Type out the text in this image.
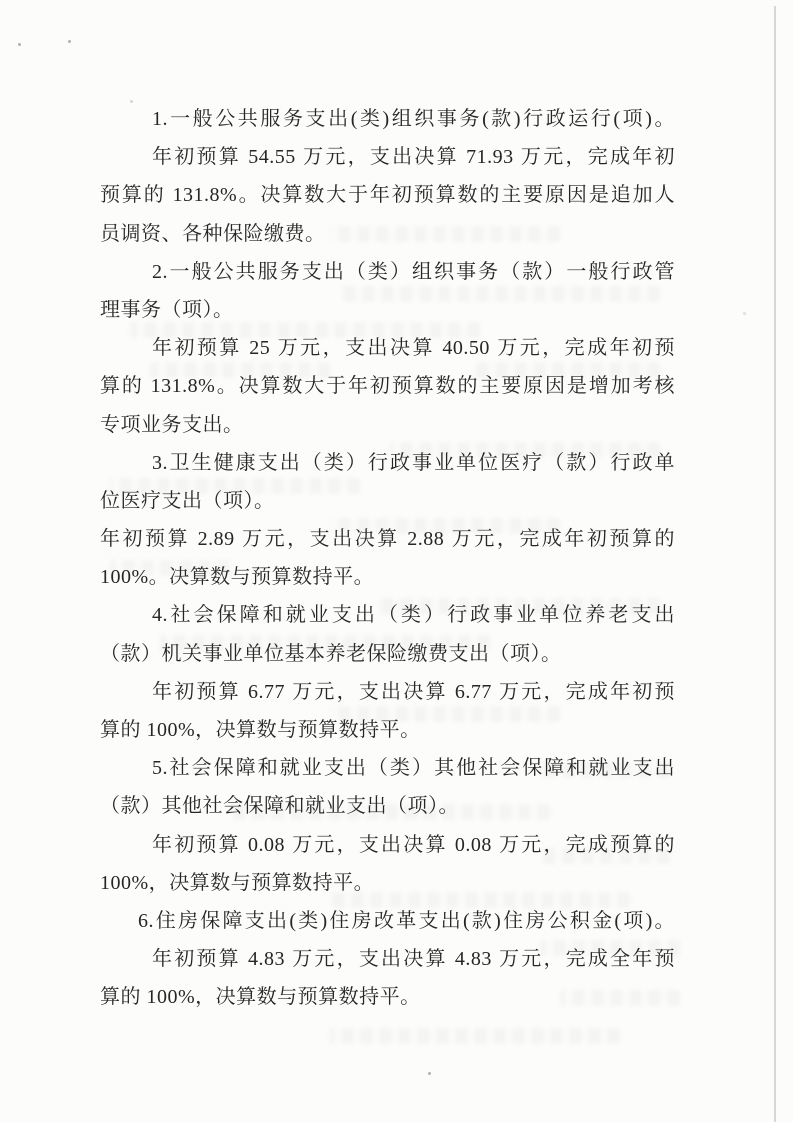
1.一般公共服务支出(类)组织事务(款)行政运行(项)。
年初预算 54.55 万元，支出决算 71.93 万元，完成年初
预算的 131.8%。决算数大于年初预算数的主要原因是追加人
员调资、各种保险缴费。
2.一般公共服务支出（类）组织事务（款）一般行政管
理事务（项）。
年初预算 25 万元，支出决算 40.50 万元，完成年初预
算的 131.8%。决算数大于年初预算数的主要原因是增加考核
专项业务支出。
3.卫生健康支出（类）行政事业单位医疗（款）行政单
位医疗支出（项）。
年初预算 2.89 万元，支出决算 2.88 万元，完成年初预算的
100%。决算数与预算数持平。
4.社会保障和就业支出（类）行政事业单位养老支出
（款）机关事业单位基本养老保险缴费支出（项）。
年初预算 6.77 万元，支出决算 6.77 万元，完成年初预
算的 100%，决算数与预算数持平。
5.社会保障和就业支出（类）其他社会保障和就业支出
（款）其他社会保障和就业支出（项）。
年初预算 0.08 万元，支出决算 0.08 万元，完成预算的
100%，决算数与预算数持平。
6.住房保障支出(类)住房改革支出(款)住房公积金(项)。
年初预算 4.83 万元，支出决算 4.83 万元，完成全年预
算的 100%，决算数与预算数持平。
